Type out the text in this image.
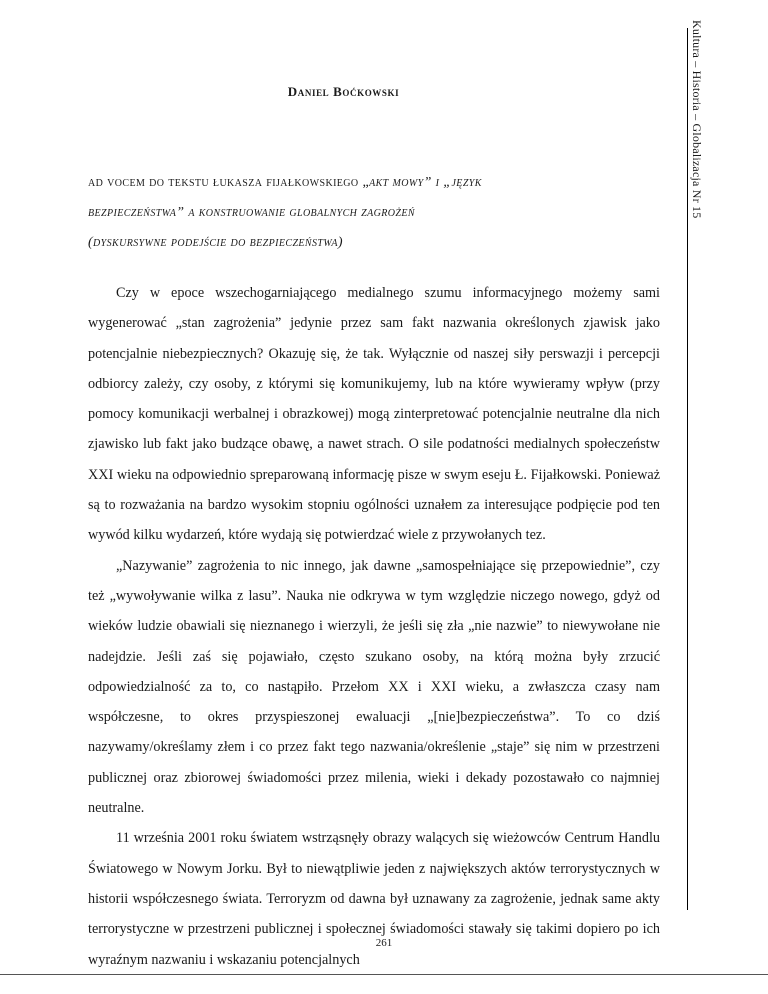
Kultura – Historia – Globalizacja Nr 15
Daniel Boćkowski
ad vocem do tekstu łukasza fijałkowskiego „akt mowy” i „język
bezpieczeństwa” a konstruowanie globalnych zagrożeń
(dyskursywne podejście do bezpieczeństwa)

Czy w epoce wszechogarniającego medialnego szumu informacyjnego możemy sami wygenerować „stan zagrożenia” jedynie przez sam fakt nazwania określonych zjawisk jako potencjalnie niebezpiecznych? Okazuję się, że tak. Wyłącznie od naszej siły perswazji i percepcji odbiorcy zależy, czy osoby, z którymi się komunikujemy, lub na które wywieramy wpływ (przy pomocy komunikacji werbalnej i obrazkowej) mogą zinterpretować potencjalnie neutralne dla nich zjawisko lub fakt jako budzące obawę, a nawet strach. O sile podatności medialnych społeczeństw XXI wieku na odpowiednio spreparowaną informację pisze w swym eseju Ł. Fijałkowski. Ponieważ są to rozważania na bardzo wysokim stopniu ogólności uznałem za interesujące podpięcie pod ten wywód kilku wydarzeń, które wydają się potwierdzać wiele z przywołanych tez.

„Nazywanie” zagrożenia to nic innego, jak dawne „samospełniające się przepowiednie”, czy też „wywoływanie wilka z lasu”. Nauka nie odkrywa w tym względzie niczego nowego, gdyż od wieków ludzie obawiali się nieznanego i wierzyli, że jeśli się zła „nie nazwie” to niewywołane nie nadejdzie. Jeśli zaś się pojawiało, często szukano osoby, na którą można były zrzucić odpowiedzialność za to, co nastąpiło. Przełom XX i XXI wieku, a zwłaszcza czasy nam współczesne, to okres przyspieszonej ewaluacji „[nie]bezpieczeństwa”. To co dziś nazywamy/określamy złem i co przez fakt tego nazwania/określenie „staje” się nim w przestrzeni publicznej oraz zbiorowej świadomości przez milenia, wieki i dekady pozostawało co najmniej neutralne.

11 września 2001 roku światem wstrząsnęły obrazy walących się wieżowców Centrum Handlu Światowego w Nowym Jorku. Był to niewątpliwie jeden z największych aktów terrorystycznych w historii współczesnego świata. Terroryzm od dawna był uznawany za zagrożenie, jednak same akty terrorystyczne w przestrzeni publicznej i społecznej świadomości stawały się takimi dopiero po ich wyraźnym nazwaniu i wskazaniu potencjalnych

261
